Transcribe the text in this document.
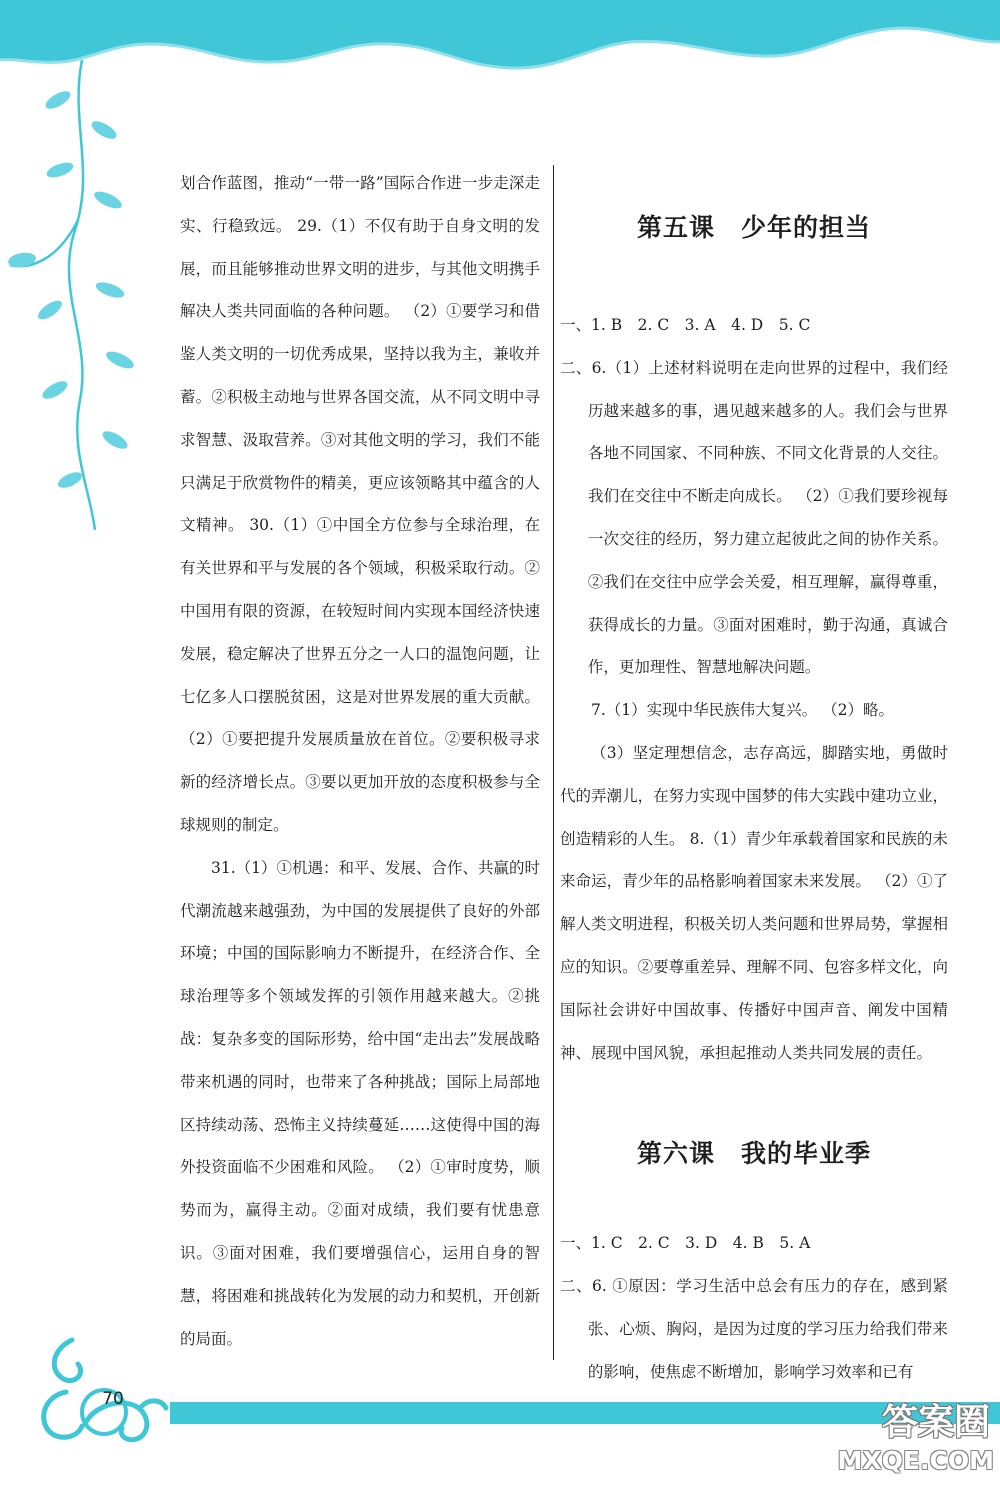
划合作蓝图，推动“一带一路”国际合作进一步走深走实、行稳致远。 29.（1）不仅有助于自身文明的发展，而且能够推动世界文明的进步，与其他文明携手解决人类共同面临的各种问题。 （2）①要学习和借鉴人类文明的一切优秀成果，坚持以我为主，兼收并蓄。②积极主动地与世界各国交流，从不同文明中寻求智慧、汲取营养。③对其他文明的学习，我们不能只满足于欣赏物件的精美，更应该领略其中蕴含的人文精神。 30.（1）①中国全方位参与全球治理，在有关世界和平与发展的各个领域，积极采取行动。②中国用有限的资源，在较短时间内实现本国经济快速发展，稳定解决了世界五分之一人口的温饱问题，让七亿多人口摆脱贫困，这是对世界发展的重大贡献。 （2）①要把提升发展质量放在首位。②要积极寻求新的经济增长点。③要以更加开放的态度积极参与全球规则的制定。

31.（1）①机遇：和平、发展、合作、共赢的时代潮流越来越强劲，为中国的发展提供了良好的外部环境；中国的国际影响力不断提升，在经济合作、全球治理等多个领域发挥的引领作用越来越大。②挑战：复杂多变的国际形势，给中国“走出去”发展战略带来机遇的同时，也带来了各种挑战；国际上局部地区持续动荡、恐怖主义持续蔓延……这使得中国的海外投资面临不少困难和风险。 （2）①审时度势，顺势而为，赢得主动。②面对成绩，我们要有忧患意识。③面对困难，我们要增强信心，运用自身的智慧，将困难和挑战转化为发展的动力和契机，开创新的局面。

第五课　少年的担当

一、1. B　2. C　3. A　4. D　5. C

二、6.（1）上述材料说明在走向世界的过程中，我们经历越来越多的事，遇见越来越多的人。我们会与世界各地不同国家、不同种族、不同文化背景的人交往。我们在交往中不断走向成长。 （2）①我们要珍视每一次交往的经历，努力建立起彼此之间的协作关系。②我们在交往中应学会关爱，相互理解，赢得尊重，获得成长的力量。③面对困难时，勤于沟通，真诚合作，更加理性、智慧地解决问题。

7.（1）实现中华民族伟大复兴。 （2）略。

（3）坚定理想信念，志存高远，脚踏实地，勇做时代的弄潮儿，在努力实现中国梦的伟大实践中建功立业，创造精彩的人生。 8.（1）青少年承载着国家和民族的未来命运，青少年的品格影响着国家未来发展。 （2）①了解人类文明进程，积极关切人类问题和世界局势，掌握相应的知识。②要尊重差异、理解不同、包容多样文化，向国际社会讲好中国故事、传播好中国声音、阐发中国精神、展现中国风貌，承担起推动人类共同发展的责任。

第六课　我的毕业季

一、1. C　2. C　3. D　4. B　5. A

二、6. ①原因：学习生活中总会有压力的存在，感到紧张、心烦、胸闷，是因为过度的学习压力给我们带来的影响，使焦虑不断增加，影响学习效率和已有

70
答案圈
MXQE.COM
